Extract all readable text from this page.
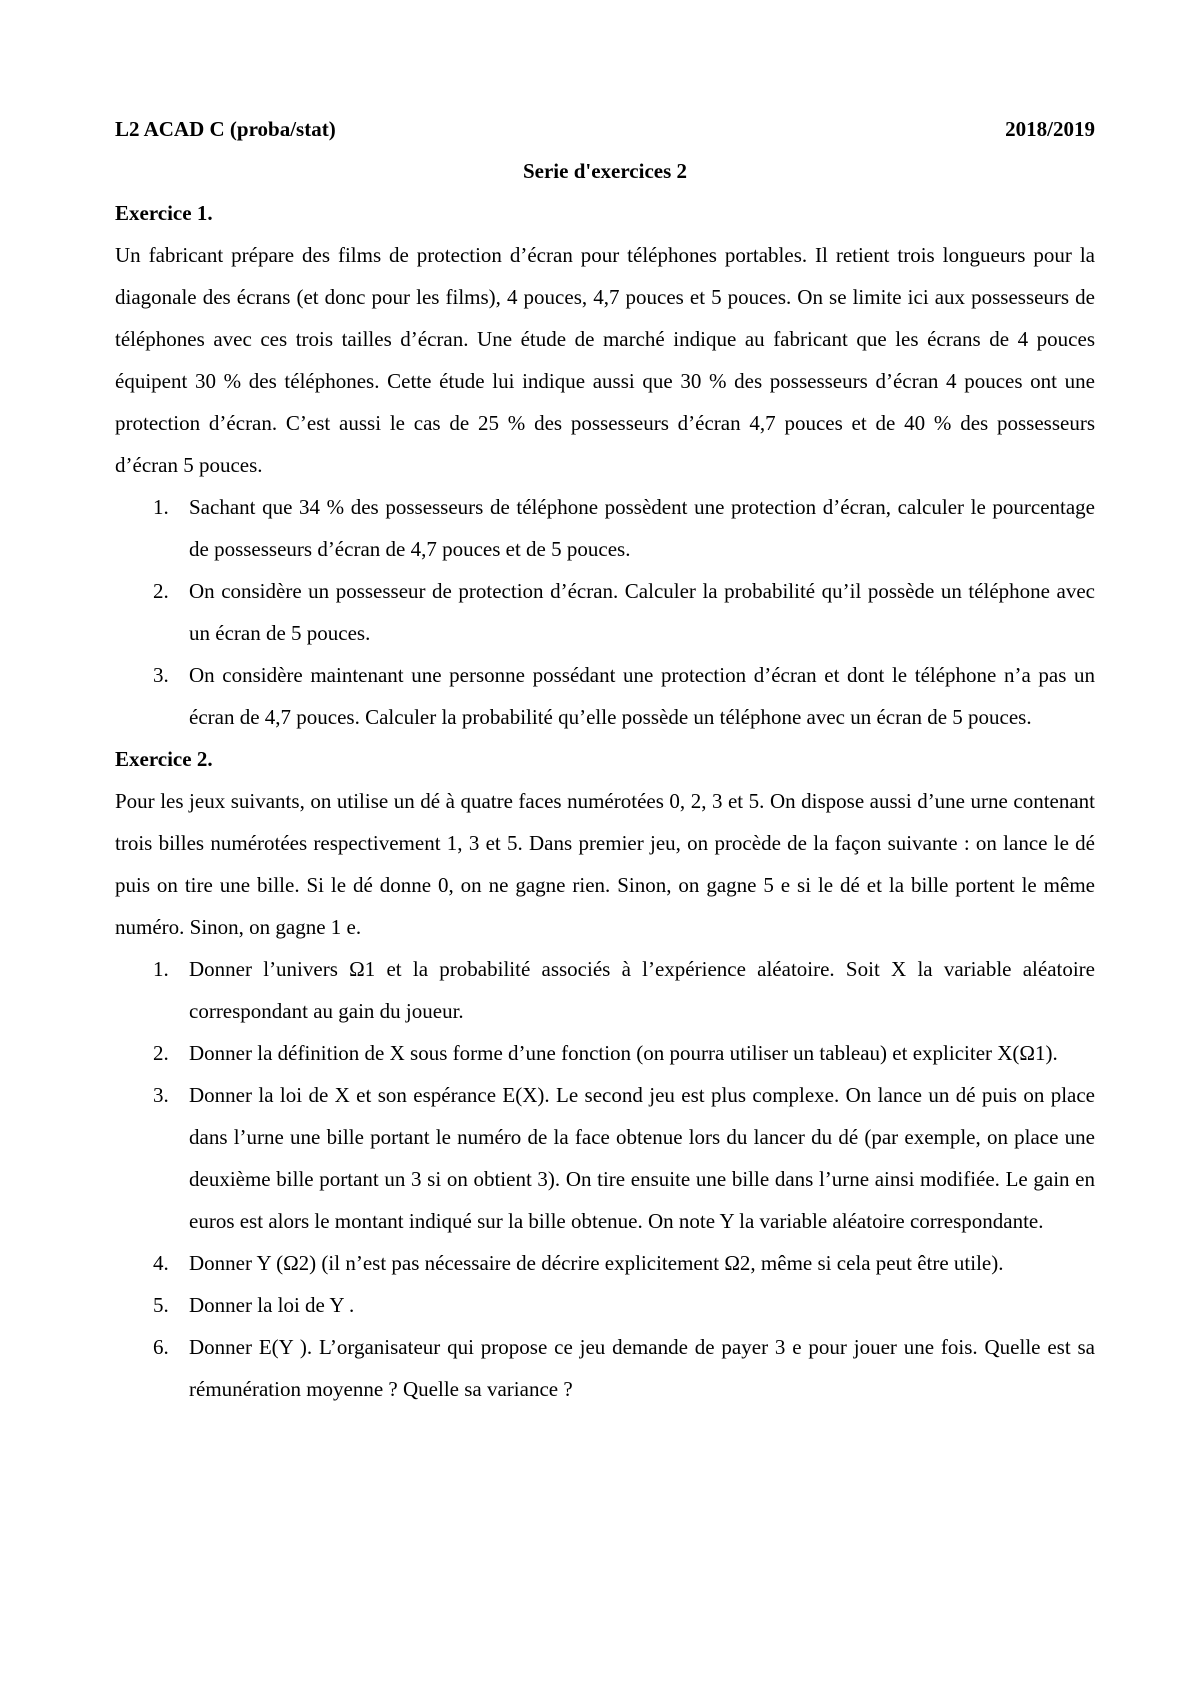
L2 ACAD C (proba/stat)	2018/2019
Serie d'exercices 2
Exercice 1.

Un fabricant prépare des films de protection d’écran pour téléphones portables. Il retient trois longueurs pour la diagonale des écrans (et donc pour les films), 4 pouces, 4,7 pouces et 5 pouces. On se limite ici aux possesseurs de téléphones avec ces trois tailles d’écran. Une étude de marché indique au fabricant que les écrans de 4 pouces équipent 30 % des téléphones. Cette étude lui indique aussi que 30 % des possesseurs d’écran 4 pouces ont une protection d’écran. C’est aussi le cas de 25 % des possesseurs d’écran 4,7 pouces et de 40 % des possesseurs d’écran 5 pouces.

1. Sachant que 34 % des possesseurs de téléphone possèdent une protection d’écran, calculer le pourcentage de possesseurs d’écran de 4,7 pouces et de 5 pouces.
2. On considère un possesseur de protection d’écran. Calculer la probabilité qu’il possède un téléphone avec un écran de 5 pouces.
3. On considère maintenant une personne possédant une protection d’écran et dont le téléphone n’a pas un écran de 4,7 pouces. Calculer la probabilité qu’elle possède un téléphone avec un écran de 5 pouces.
Exercice 2.

Pour les jeux suivants, on utilise un dé à quatre faces numérotées 0, 2, 3 et 5. On dispose aussi d’une urne contenant trois billes numérotées respectivement 1, 3 et 5. Dans premier jeu, on procède de la façon suivante : on lance le dé puis on tire une bille. Si le dé donne 0, on ne gagne rien. Sinon, on gagne 5 e si le dé et la bille portent le même numéro. Sinon, on gagne 1 e.

1. Donner l’univers Ω1 et la probabilité associés à l’expérience aléatoire. Soit X la variable aléatoire correspondant au gain du joueur.
2. Donner la définition de X sous forme d’une fonction (on pourra utiliser un tableau) et expliciter X(Ω1).
3. Donner la loi de X et son espérance E(X). Le second jeu est plus complexe. On lance un dé puis on place dans l’urne une bille portant le numéro de la face obtenue lors du lancer du dé (par exemple, on place une deuxième bille portant un 3 si on obtient 3). On tire ensuite une bille dans l’urne ainsi modifiée. Le gain en euros est alors le montant indiqué sur la bille obtenue. On note Y la variable aléatoire correspondante.
4. Donner Y (Ω2) (il n’est pas nécessaire de décrire explicitement Ω2, même si cela peut être utile).
5. Donner la loi de Y .
6. Donner E(Y ). L’organisateur qui propose ce jeu demande de payer 3 e pour jouer une fois. Quelle est sa rémunération moyenne ? Quelle sa variance ?
